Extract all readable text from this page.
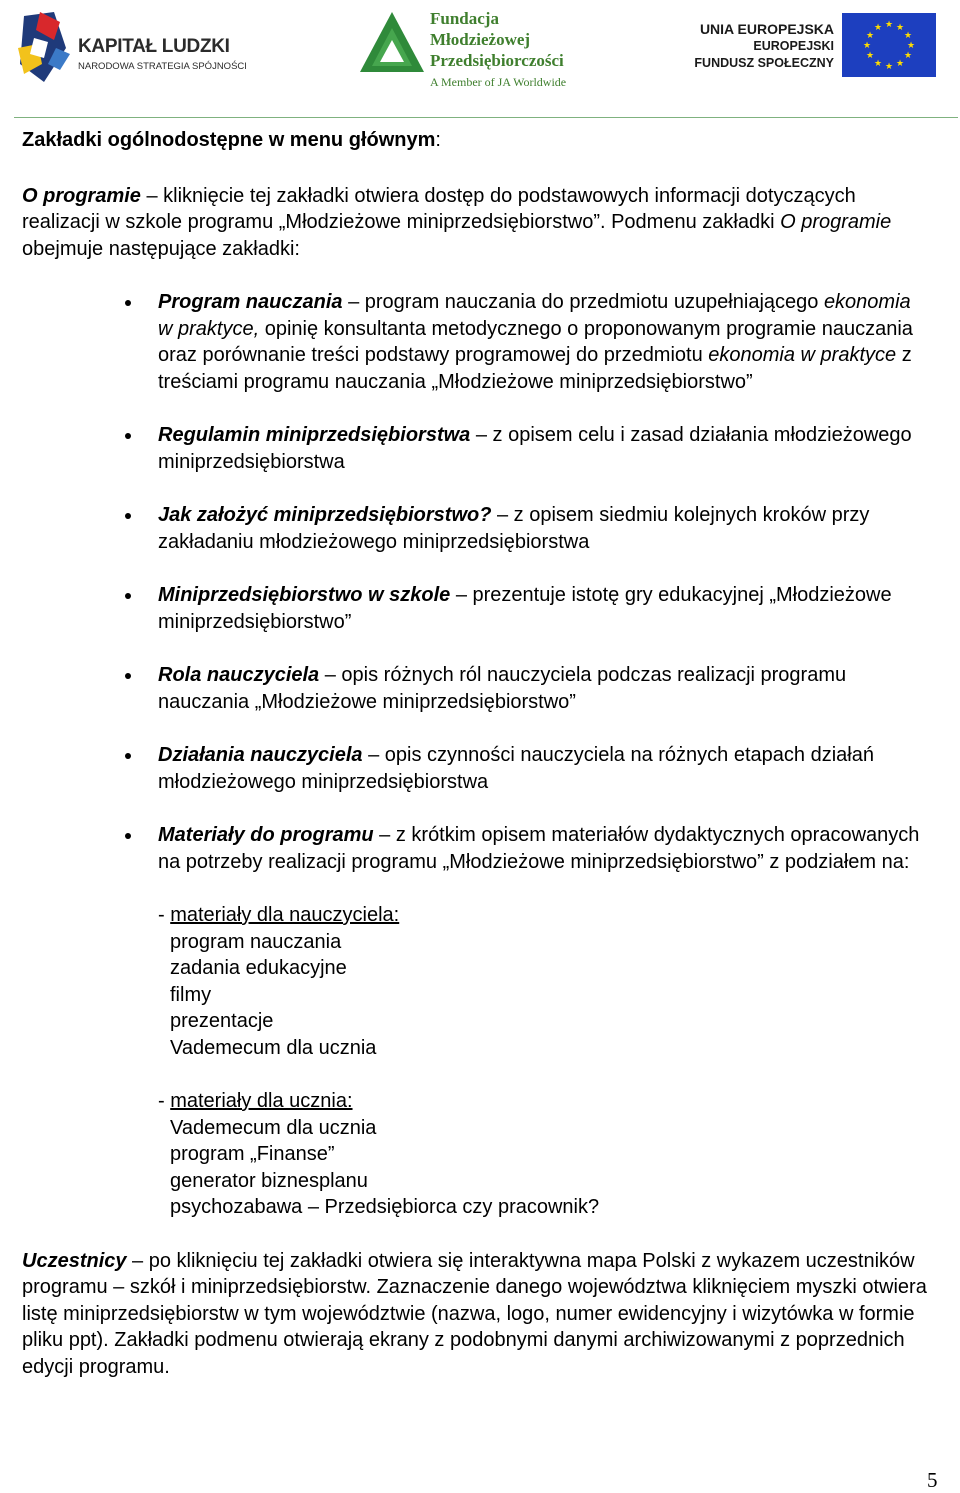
KAPITAŁ LUDZKI
NARODOWA STRATEGIA SPÓJNOŚCI
Fundacja
Młodzieżowej
Przedsiębiorczości
A Member of JA Worldwide
UNIA EUROPEJSKA
EUROPEJSKI
FUNDUSZ SPOŁECZNY
★ ★
★
★
★
★
★
★
★
★
★
★

Zakładki ogólnodostępne w menu głównym:

O programie – kliknięcie tej zakładki otwiera dostęp do podstawowych informacji dotyczących realizacji w szkole programu „Młodzieżowe miniprzedsiębiorstwo”. Podmenu zakładki O programie obejmuje następujące zakładki:

Program nauczania – program nauczania do przedmiotu uzupełniającego ekonomia w praktyce, opinię konsultanta metodycznego o proponowanym programie nauczania oraz porównanie treści podstawy programowej do przedmiotu ekonomia w praktyce z treściami programu nauczania „Młodzieżowe miniprzedsiębiorstwo”
Regulamin miniprzedsiębiorstwa – z opisem celu i zasad działania młodzieżowego miniprzedsiębiorstwa
Jak założyć miniprzedsiębiorstwo? – z opisem siedmiu kolejnych kroków przy zakładaniu młodzieżowego miniprzedsiębiorstwa
Miniprzedsiębiorstwo w szkole – prezentuje istotę gry edukacyjnej „Młodzieżowe miniprzedsiębiorstwo”
Rola nauczyciela – opis różnych ról nauczyciela podczas realizacji programu nauczania „Młodzieżowe miniprzedsiębiorstwo”
Działania nauczyciela – opis czynności nauczyciela na różnych etapach działań młodzieżowego miniprzedsiębiorstwa
Materiały do programu – z krótkim opisem materiałów dydaktycznych opracowanych na potrzeby realizacji programu „Młodzieżowe miniprzedsiębiorstwo” z podziałem na:
- materiały dla nauczyciela:
program nauczania
zadania edukacyjne
filmy
prezentacje
Vademecum dla ucznia
- materiały dla ucznia:
Vademecum dla ucznia
program „Finanse”
generator biznesplanu
psychozabawa – Przedsiębiorca czy pracownik?

Uczestnicy – po kliknięciu tej zakładki otwiera się interaktywna mapa Polski z wykazem uczestników programu – szkół i miniprzedsiębiorstw. Zaznaczenie danego województwa kliknięciem myszki otwiera listę miniprzedsiębiorstw w tym województwie (nazwa, logo, numer ewidencyjny i wizytówka w formie pliku ppt). Zakładki podmenu otwierają ekrany z podobnymi danymi archiwizowanymi z poprzednich edycji programu.

5
